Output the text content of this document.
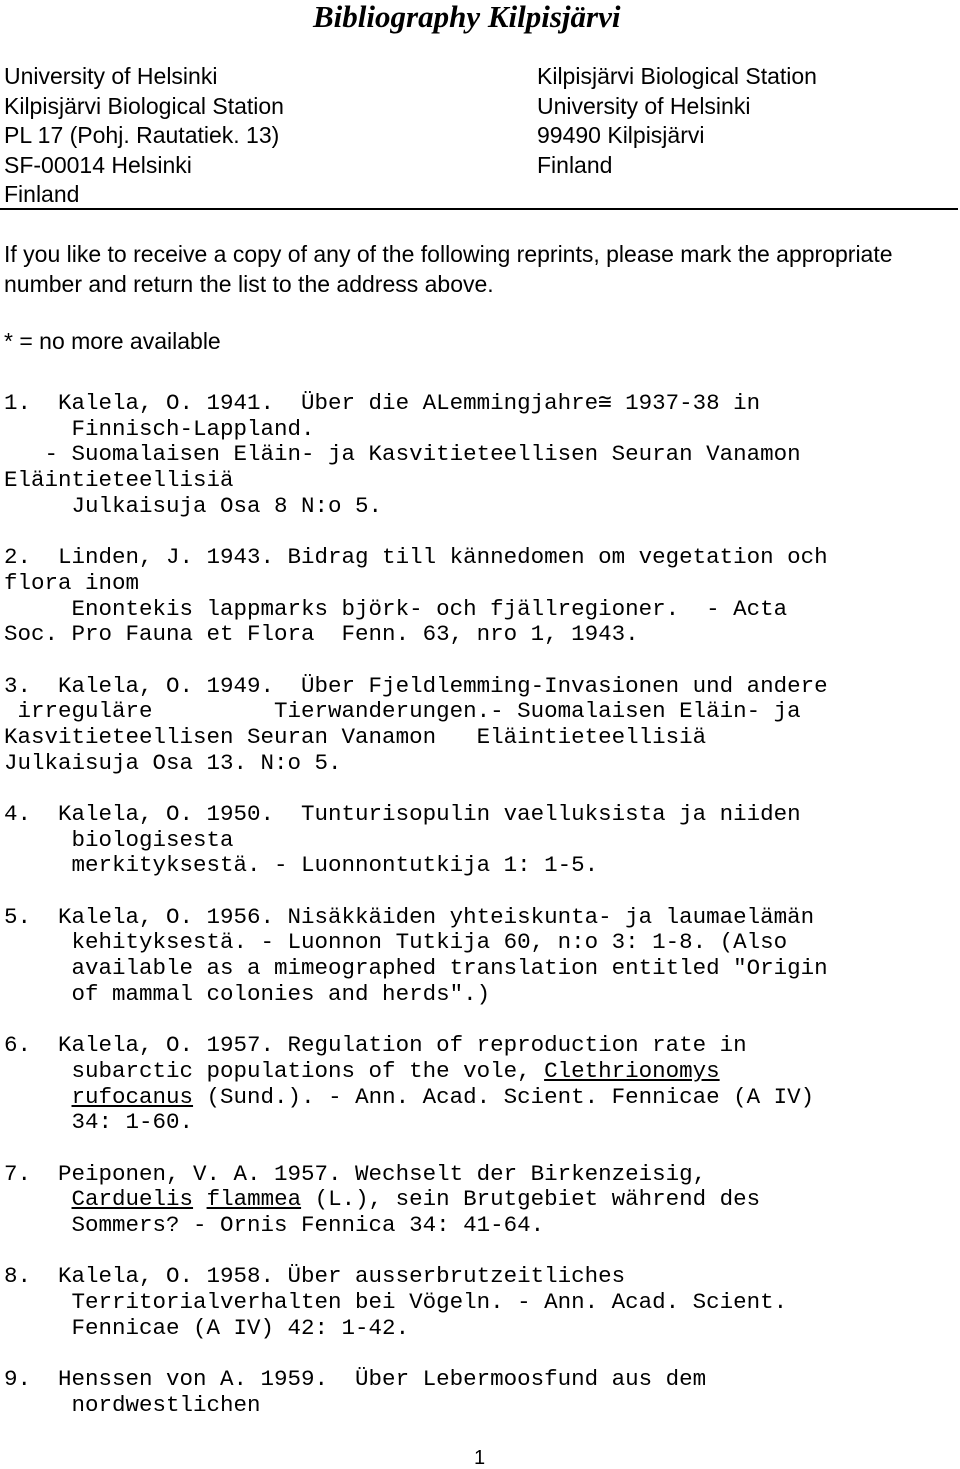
Bibliography Kilpisjärvi
University of Helsinki
Kilpisjärvi Biological Station
PL 17 (Pohj. Rautatiek. 13)
SF-00014 Helsinki
Finland
Kilpisjärvi Biological Station
University of Helsinki
99490 Kilpisjärvi
Finland

If you like to receive a copy of any of the following reprints, please mark the appropriate number and return the list to the address above.

* = no more available

1.  Kalela, O. 1941.  Über die ALemmingjahre≅ 1937-38 in
Finnisch-Lappland.
- Suomalaisen Eläin- ja Kasvitieteellisen Seuran Vanamon
Eläintieteellisiä
Julkaisuja Osa 8 N:o 5.
2.  Linden, J. 1943. Bidrag till kännedomen om vegetation och
flora inom
Enontekis lappmarks björk- och fjällregioner.  - Acta
Soc. Pro Fauna et Flora  Fenn. 63, nro 1, 1943.
3.  Kalela, O. 1949.  Über Fjeldlemming-Invasionen und andere
irreguläre         Tierwanderungen.- Suomalaisen Eläin- ja
Kasvitieteellisen Seuran Vanamon   Eläintieteellisiä
Julkaisuja Osa 13. N:o 5.
4.  Kalela, O. 1950.  Tunturisopulin vaelluksista ja niiden
biologisesta
merkityksestä. - Luonnontutkija 1: 1-5.
5.  Kalela, O. 1956. Nisäkkäiden yhteiskunta- ja laumaelämän
kehityksestä. - Luonnon Tutkija 60, n:o 3: 1-8. (Also
available as a mimeographed translation entitled "Origin
of mammal colonies and herds".)
6.  Kalela, O. 1957. Regulation of reproduction rate in
subarctic populations of the vole, Clethrionomys
rufocanus (Sund.). - Ann. Acad. Scient. Fennicae (A IV)
34: 1-60.
7.  Peiponen, V. A. 1957. Wechselt der Birkenzeisig,
Carduelis flammea (L.), sein Brutgebiet während des
Sommers? - Ornis Fennica 34: 41-64.
8.  Kalela, O. 1958. Über ausserbrutzeitliches
Territorialverhalten bei Vögeln. - Ann. Acad. Scient.
Fennicae (A IV) 42: 1-42.
9.  Henssen von A. 1959.  Über Lebermoosfund aus dem
nordwestlichen
1
